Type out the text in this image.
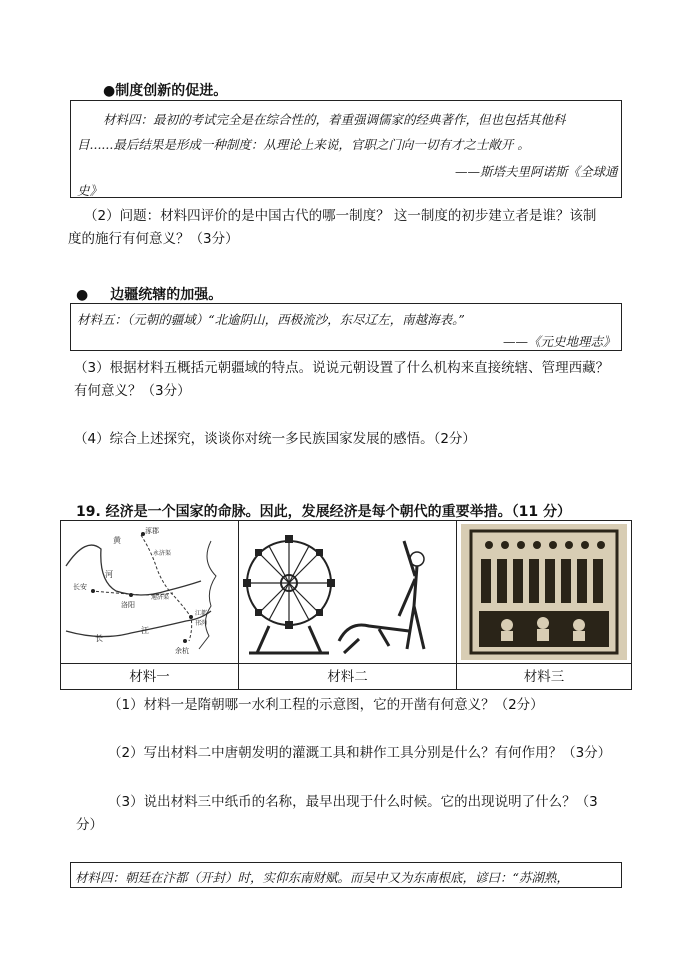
●制度创新的促进。
材料四：最初的考试完全是在综合性的，着重强调儒家的经典著作，但也包括其他科
目......最后结果是形成一种制度：从理论上来说，官职之门向一切有才之士敞开 。
——斯塔夫里阿诺斯《全球通
史》
（2）问题：材料四评价的是中国古代的哪一制度？ 这一制度的初步建立者是谁？该制
度的施行有何意义？（3分）
● 边疆统辖的加强。
材料五：（元朝的疆域）“北逾阴山，西极流沙，东尽辽左，南越海表。”
——《元史地理志》
（3）根据材料五概括元朝疆域的特点。说说元朝设置了什么机构来直接统辖、管理西藏？
有何意义？（3分）
（4）综合上述探究，谈谈你对统一多民族国家发展的感悟。（2分）
19. 经济是一个国家的命脉。因此，发展经济是每个朝代的重要举措。（11 分）
涿郡
永济渠
长安
洛阳
通济渠
江都
邗沟
余杭
黄
河
长
江
材料一	材料二	材料三
（1）材料一是隋朝哪一水利工程的示意图，它的开凿有何意义？（2分）
（2）写出材料二中唐朝发明的灌溉工具和耕作工具分别是什么？有何作用？（3分）
（3）说出材料三中纸币的名称，最早出现于什么时候。它的出现说明了什么？（3
分）
材料四：朝廷在汴都（开封）时，实仰东南财赋。而吴中又为东南根底，谚曰：“苏湖熟，
